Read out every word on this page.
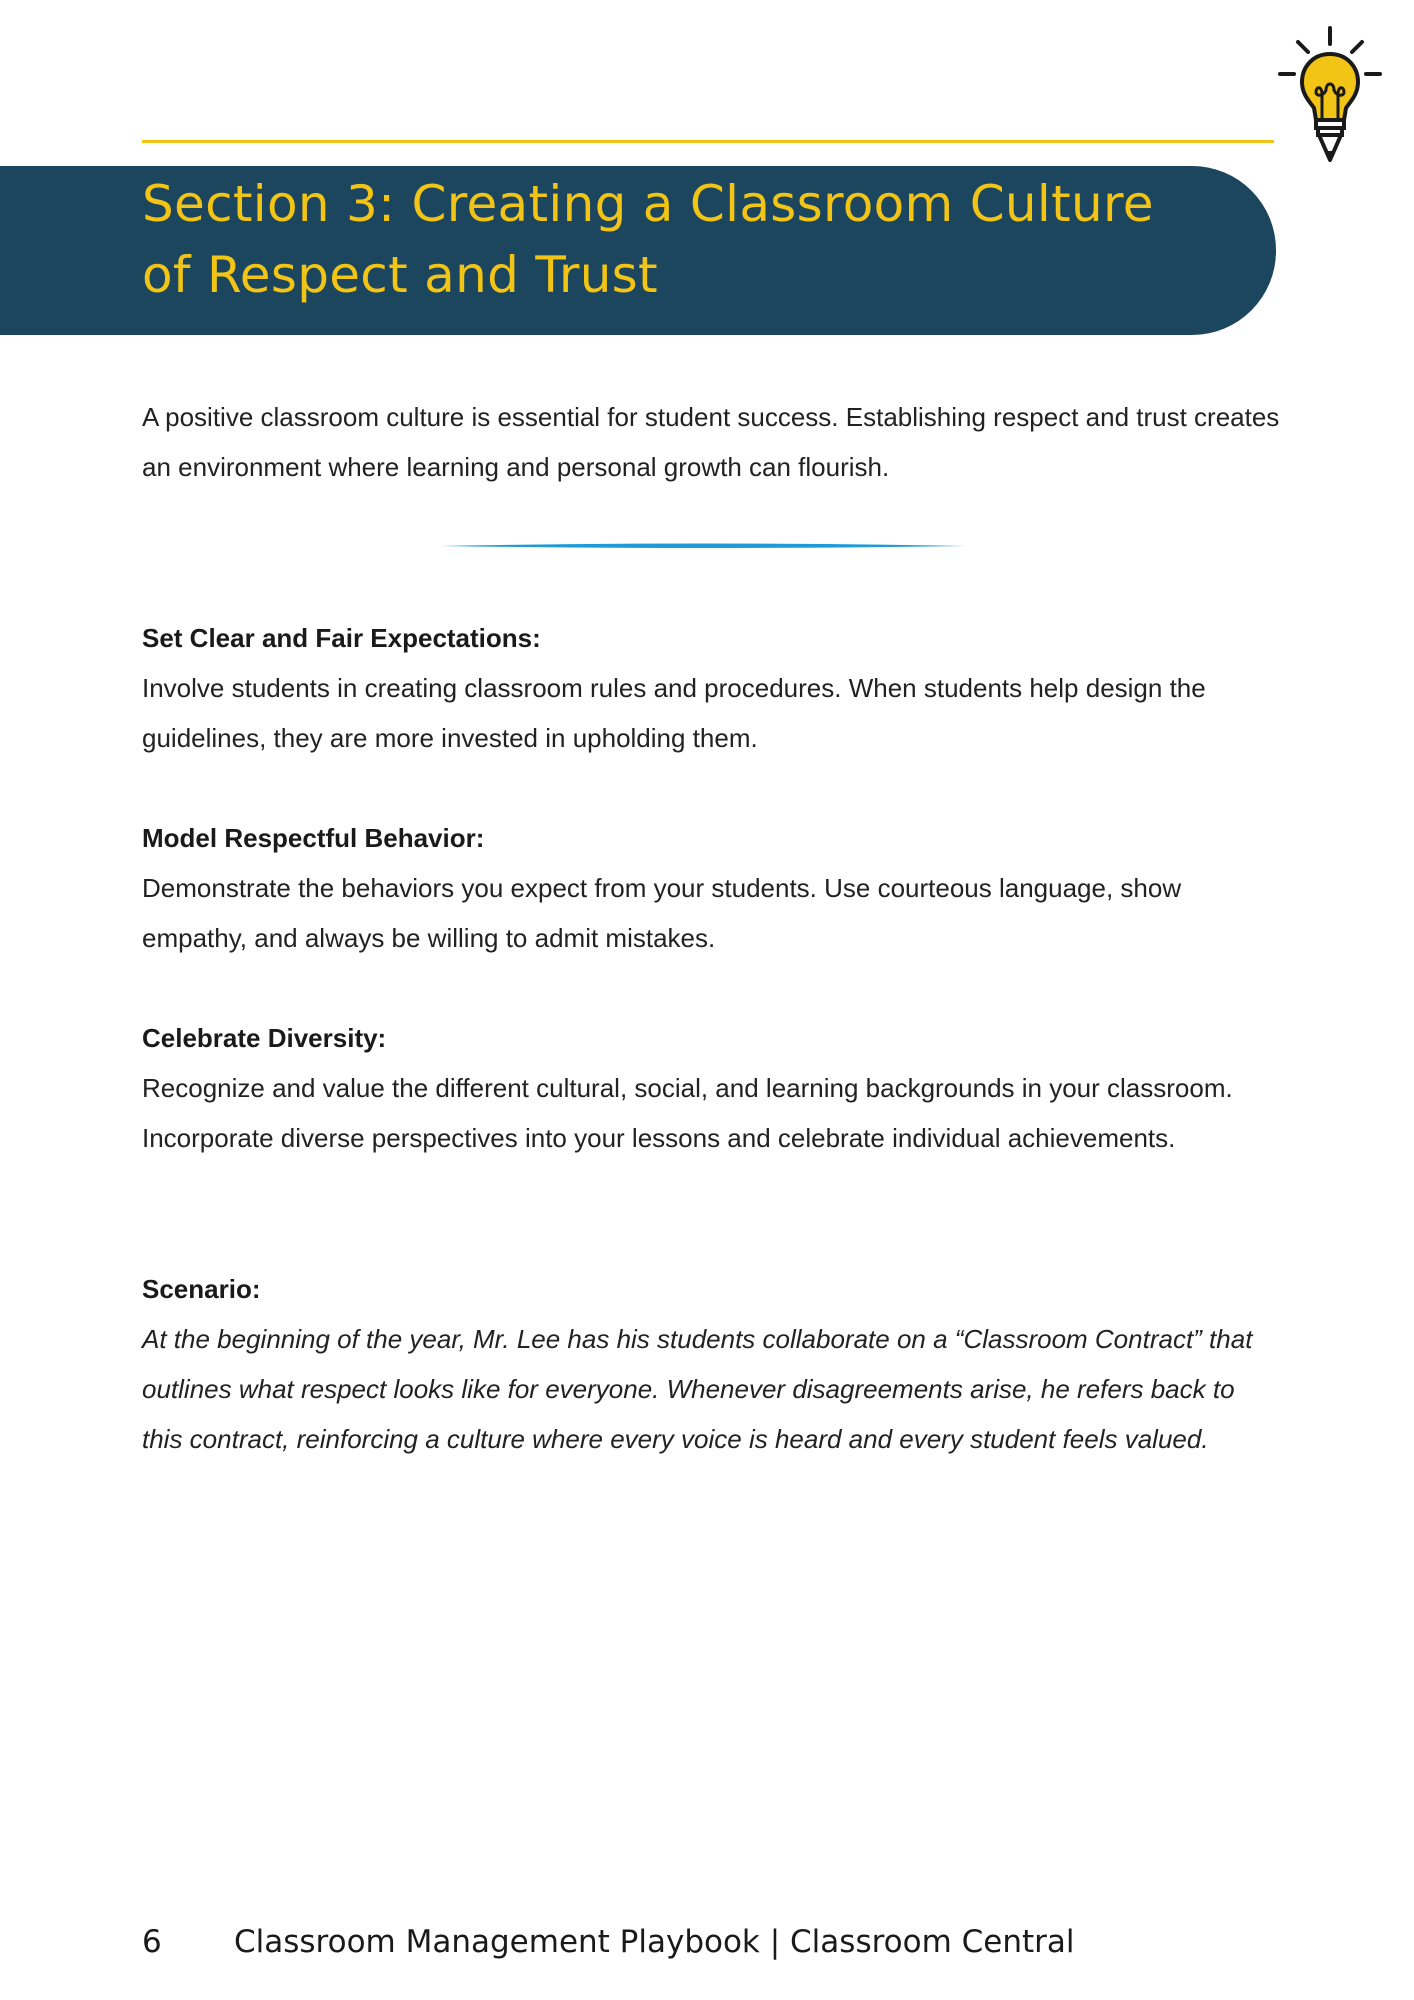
Section 3: Creating a Classroom Culture of Respect and Trust

A positive classroom culture is essential for student success. Establishing respect and trust creates an environment where learning and personal growth can flourish.

Set Clear and Fair Expectations:

Involve students in creating classroom rules and procedures. When students help design the guidelines, they are more invested in upholding them.

Model Respectful Behavior:

Demonstrate the behaviors you expect from your students. Use courteous language, show empathy, and always be willing to admit mistakes.

Celebrate Diversity:

Recognize and value the different cultural, social, and learning backgrounds in your classroom. Incorporate diverse perspectives into your lessons and celebrate individual achievements.

Scenario:

At the beginning of the year, Mr. Lee has his students collaborate on a “Classroom Contract” that outlines what respect looks like for everyone. Whenever disagreements arise, he refers back to this contract, reinforcing a culture where every voice is heard and every student feels valued.

6 Classroom Management Playbook | Classroom Central
